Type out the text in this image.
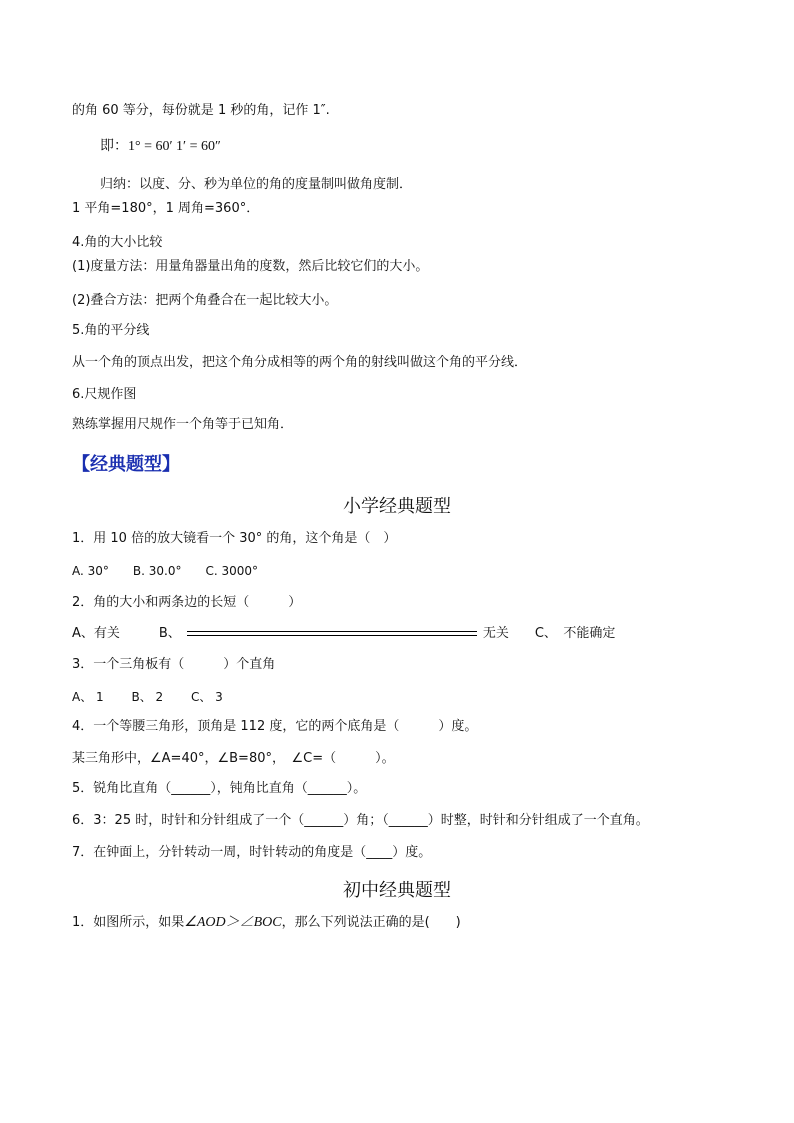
的角 60 等分，每份就是 1 秒的角，记作 1″.
即：1° = 60′ 1′ = 60″
归纳：以度、分、秒为单位的角的度量制叫做角度制．
1 平角=180°，1 周角=360°．
4.角的大小比较
(1)度量方法：用量角器量出角的度数，然后比较它们的大小。
(2)叠合方法：把两个角叠合在一起比较大小。
5.角的平分线
从一个角的顶点出发，把这个角分成相等的两个角的射线叫做这个角的平分线．
6.尺规作图
熟练掌握用尺规作一个角等于已知角．
【经典题型】
小学经典题型
1．用 10 倍的放大镜看一个 30° 的角，这个角是（　）
A. 30°　　B. 30.0°　　C. 3000°
2．角的大小和两条边的长短（　　　）
A、有关　　　B、	无关　　C、　不能确定
3．一个三角板有（　　　）个直角
A、 1　　 B、 2　　 C、 3
4．一个等腰三角形，顶角是 112 度，它的两个底角是（　　　）度。
某三角形中，∠A=40°，∠B=80°，　∠C=（　　　）。
5．锐角比直角（______），钝角比直角（______）。
6．3：25 时，时针和分针组成了一个（______）角；（______）时整，时针和分针组成了一个直角。
7．在钟面上，分针转动一周，时针转动的角度是（____）度。
初中经典题型
1．如图所示，如果∠AOD＞∠BOC，那么下列说法正确的是(　　)
